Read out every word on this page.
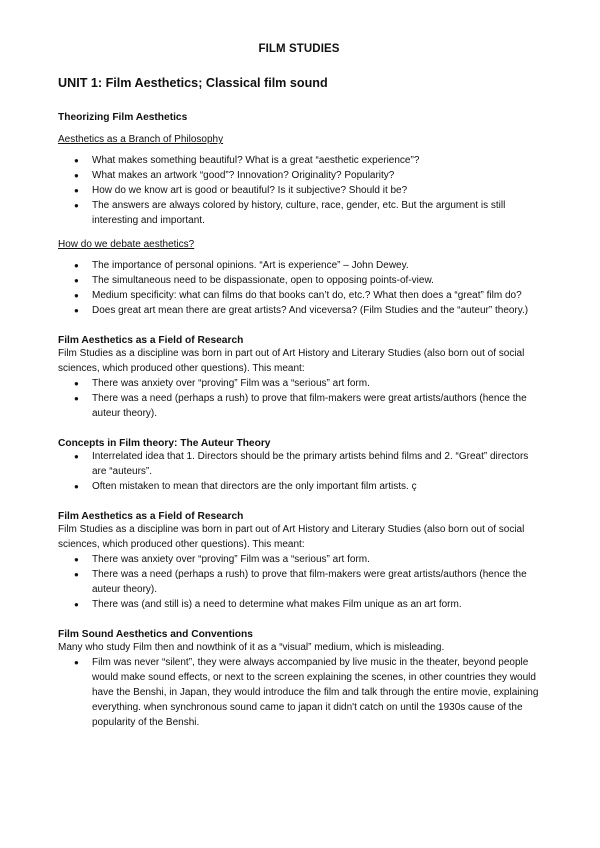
FILM STUDIES
UNIT 1: Film Aesthetics; Classical film sound
Theorizing Film Aesthetics

Aesthetics as a Branch of Philosophy

● What makes something beautiful? What is a great “aesthetic experience”?
● What makes an artwork “good”? Innovation? Originality? Popularity?
● How do we know art is good or beautiful? Is it subjective? Should it be?
● The answers are always colored by history, culture, race, gender, etc. But the argument is still interesting and important.

How do we debate aesthetics?

● The importance of personal opinions. “Art is experience” – John Dewey.
● The simultaneous need to be dispassionate, open to opposing points-of-view.
● Medium specificity: what can films do that books can’t do, etc.? What then does a “great” film do?
● Does great art mean there are great artists? And viceversa? (Film Studies and the “auteur” theory.)
Film Aesthetics as a Field of Research

Film Studies as a discipline was born in part out of Art History and Literary Studies (also born out of social sciences, which produced other questions). This meant:

● There was anxiety over “proving” Film was a “serious” art form.
● There was a need (perhaps a rush) to prove that film-makers were great artists/authors (hence the auteur theory).
Concepts in Film theory: The Auteur Theory
● Interrelated idea that 1. Directors should be the primary artists behind films and 2. “Great” directors are “auteurs”.
● Often mistaken to mean that directors are the only important film artists. ç
Film Aesthetics as a Field of Research

Film Studies as a discipline was born in part out of Art History and Literary Studies (also born out of social sciences, which produced other questions). This meant:

● There was anxiety over “proving” Film was a “serious” art form.
● There was a need (perhaps a rush) to prove that film-makers were great artists/authors (hence the auteur theory).
● There was (and still is) a need to determine what makes Film unique as an art form.
Film Sound Aesthetics and Conventions

Many who study Film then and nowthink of it as a “visual” medium, which is misleading.

● Film was never “silent”, they were always accompanied by live music in the theater, beyond people would make sound effects, or next to the screen explaining the scenes, in other countries they would have the Benshi, in Japan, they would introduce the film and talk through the entire movie, explaining everything. when synchronous sound came to japan it didn't catch on until the 1930s cause of the popularity of the Benshi.
